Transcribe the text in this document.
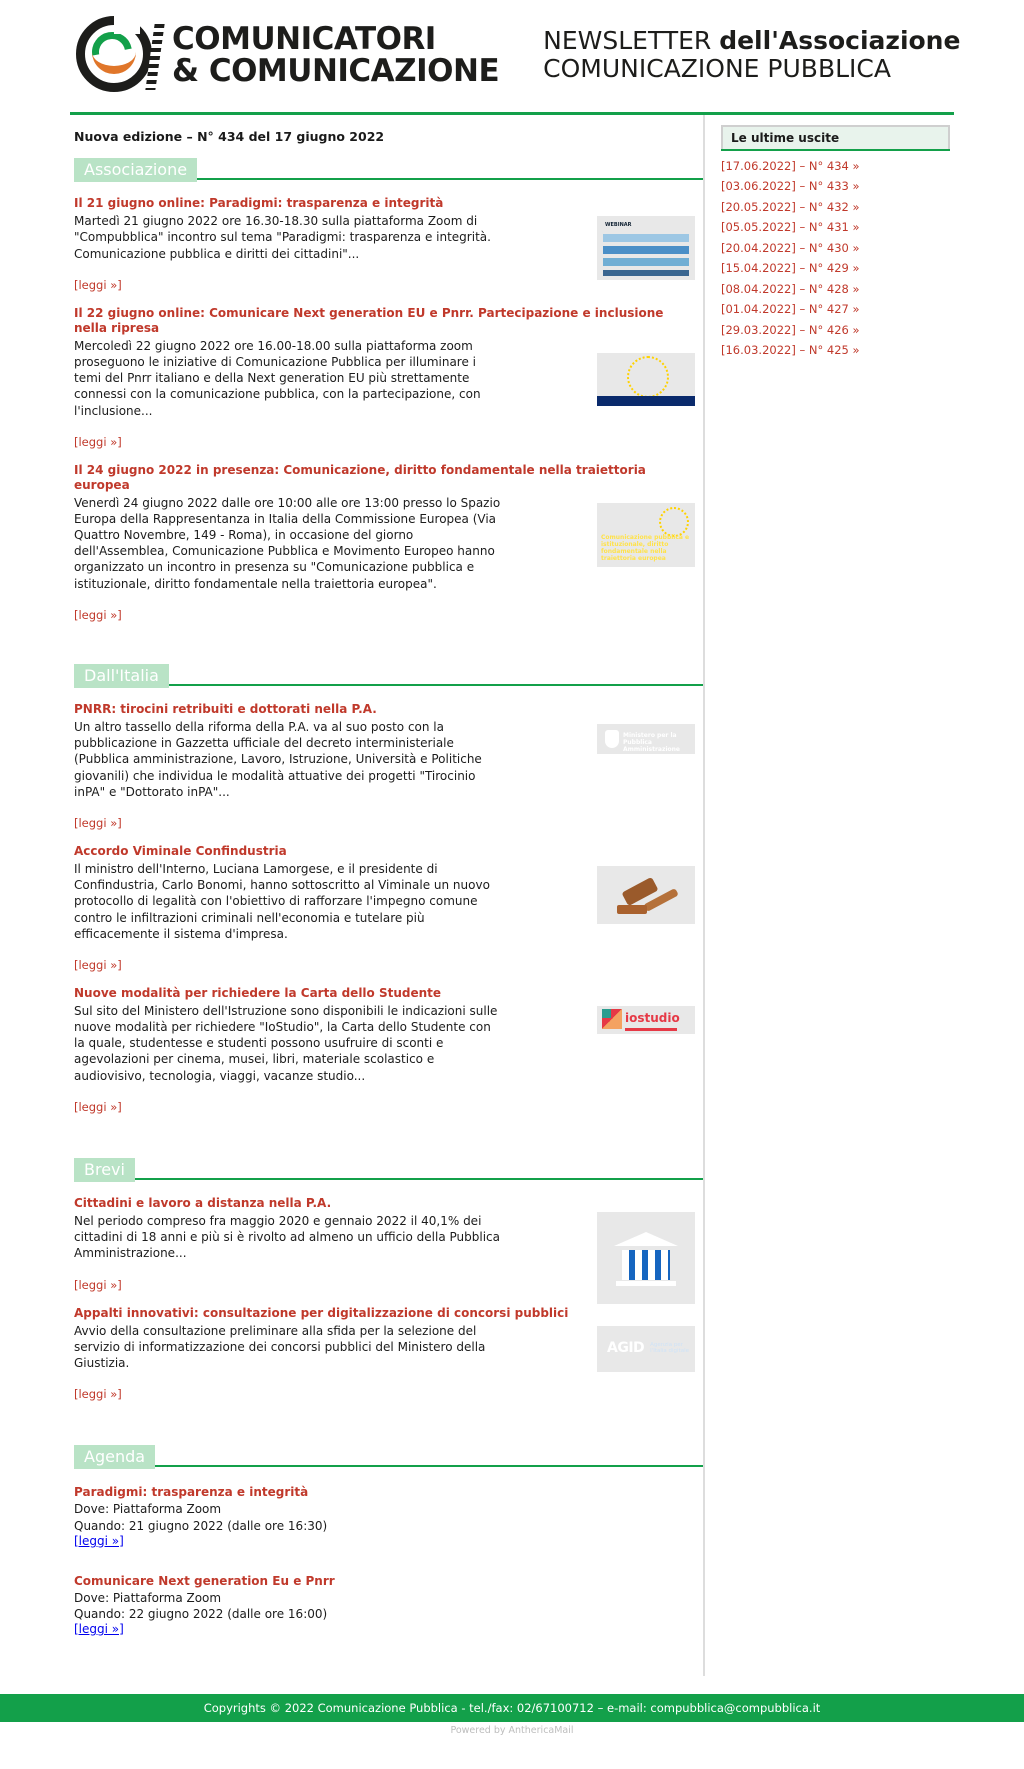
COMUNICATORI
& COMUNICAZIONE
NEWSLETTER dell'Associazione
COMUNICAZIONE PUBBLICA
Nuova edizione – N° 434 del 17 giugno 2022
Associazione
WEBINAR
Il 21 giugno online: Paradigmi: trasparenza e integrità
Martedì 21 giugno 2022 ore 16.30-18.30 sulla piattaforma Zoom di "Compubblica" incontro sul tema "Paradigmi: trasparenza e integrità. Comunicazione pubblica e diritti dei cittadini"...
[leggi »]
Il 22 giugno online: Comunicare Next generation EU e Pnrr. Partecipazione e inclusione nella ripresa
Mercoledì 22 giugno 2022 ore 16.00-18.00 sulla piattaforma zoom proseguono le iniziative di Comunicazione Pubblica per illuminare i temi del Pnrr italiano e della Next generation EU più strettamente connessi con la comunicazione pubblica, con la partecipazione, con l'inclusione...
[leggi »]
Comunicazione pubblica e istituzionale, diritto fondamentale nella traiettoria europea
Il 24 giugno 2022 in presenza: Comunicazione, diritto fondamentale nella traiettoria europea
Venerdì 24 giugno 2022 dalle ore 10:00 alle ore 13:00 presso lo Spazio Europa della Rappresentanza in Italia della Commissione Europea (Via Quattro Novembre, 149 - Roma), in occasione del giorno dell'Assemblea, Comunicazione Pubblica e Movimento Europeo hanno organizzato un incontro in presenza su "Comunicazione pubblica e istituzionale, diritto fondamentale nella traiettoria europea".
[leggi »]
Dall'Italia
Ministero per la
Pubblica Amministrazione
PNRR: tirocini retribuiti e dottorati nella P.A.
Un altro tassello della riforma della P.A. va al suo posto con la pubblicazione in Gazzetta ufficiale del decreto interministeriale (Pubblica amministrazione, Lavoro, Istruzione, Università e Politiche giovanili) che individua le modalità attuative dei progetti "Tirocinio inPA" e "Dottorato inPA"...
[leggi »]
Accordo Viminale Confindustria
Il ministro dell'Interno, Luciana Lamorgese, e il presidente di Confindustria, Carlo Bonomi, hanno sottoscritto al Viminale un nuovo protocollo di legalità con l'obiettivo di rafforzare l'impegno comune contro le infiltrazioni criminali nell'economia e tutelare più efficacemente il sistema d'impresa.
[leggi »]
iostudio
Nuove modalità per richiedere la Carta dello Studente
Sul sito del Ministero dell'Istruzione sono disponibili le indicazioni sulle nuove modalità per richiedere "IoStudio", la Carta dello Studente con la quale, studentesse e studenti possono usufruire di sconti e agevolazioni per cinema, musei, libri, materiale scolastico e audiovisivo, tecnologia, viaggi, vacanze studio...
[leggi »]
Brevi
Cittadini e lavoro a distanza nella P.A.
Nel periodo compreso fra maggio 2020 e gennaio 2022 il 40,1% dei cittadini di 18 anni e più si è rivolto ad almeno un ufficio della Pubblica Amministrazione...
[leggi »]
AGID Agenzia per
l'Italia digitale
Appalti innovativi: consultazione per digitalizzazione di concorsi pubblici
Avvio della consultazione preliminare alla sfida per la selezione del servizio di informatizzazione dei concorsi pubblici del Ministero della Giustizia.
[leggi »]
Agenda
Paradigmi: trasparenza e integrità
Dove: Piattaforma Zoom
Quando: 21 giugno 2022 (dalle ore 16:30)
[leggi »]
Comunicare Next generation Eu e Pnrr
Dove: Piattaforma Zoom
Quando: 22 giugno 2022 (dalle ore 16:00)
[leggi »]
Le ultime uscite
[17.06.2022] – N° 434 »
[03.06.2022] – N° 433 »
[20.05.2022] – N° 432 »
[05.05.2022] – N° 431 »
[20.04.2022] – N° 430 »
[15.04.2022] – N° 429 »
[08.04.2022] – N° 428 »
[01.04.2022] – N° 427 »
[29.03.2022] – N° 426 »
[16.03.2022] – N° 425 »
Copyrights © 2022 Comunicazione Pubblica - tel./fax: 02/67100712 – e-mail: compubblica@compubblica.it
Powered by AnthericaMail
